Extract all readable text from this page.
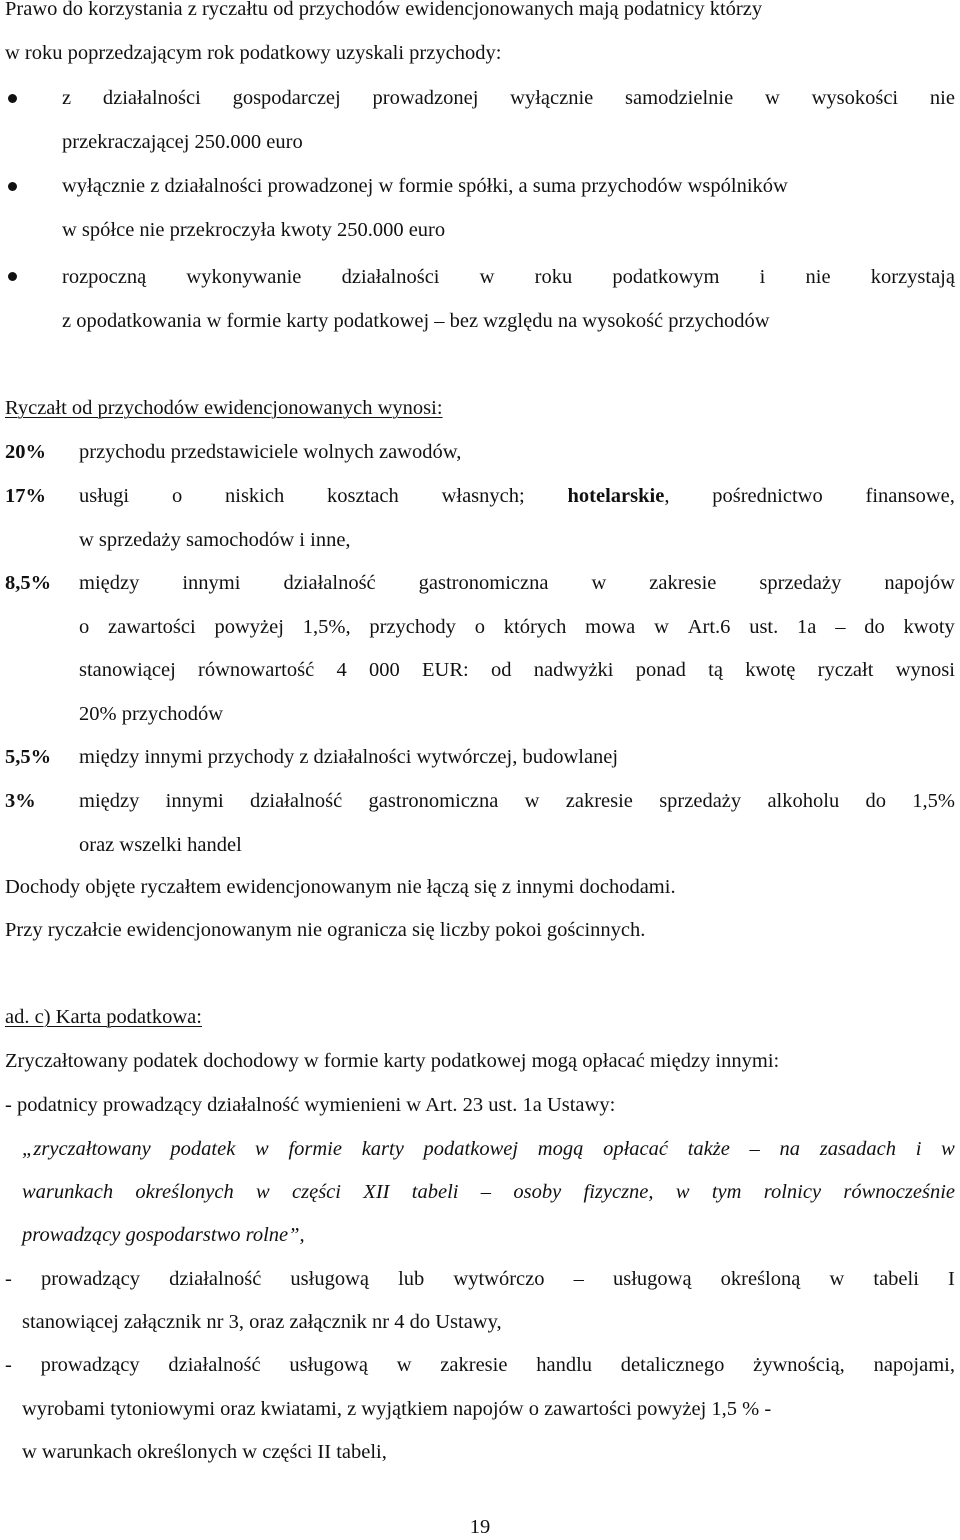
Prawo do korzystania z ryczałtu od przychodów ewidencjonowanych mają podatnicy którzy
w roku poprzedzającym rok podatkowy uzyskali przychody:
z działalności gospodarczej prowadzonej wyłącznie samodzielnie w wysokości nie
przekraczającej 250.000 euro
wyłącznie z działalności prowadzonej w formie spółki, a suma przychodów wspólników
w spółce nie przekroczyła kwoty 250.000 euro
rozpoczną wykonywanie działalności w roku podatkowym i nie korzystają
z opodatkowania w formie karty podatkowej – bez względu na wysokość przychodów
Ryczałt od przychodów ewidencjonowanych wynosi:
20%	przychodu przedstawiciele wolnych zawodów,
17%	usługi o niskich kosztach własnych; hotelarskie, pośrednictwo finansowe,
w sprzedaży samochodów i inne,
8,5%	między innymi działalność gastronomiczna w zakresie sprzedaży napojów
o zawartości powyżej 1,5%, przychody o których mowa w Art.6 ust. 1a – do kwoty
stanowiącej równowartość 4 000 EUR: od nadwyżki ponad tą kwotę ryczałt wynosi
20% przychodów
5,5%	między innymi przychody z działalności wytwórczej, budowlanej
3%	między innymi działalność gastronomiczna w zakresie sprzedaży alkoholu do 1,5%
oraz wszelki handel
Dochody objęte ryczałtem ewidencjonowanym nie łączą się z innymi dochodami.
Przy ryczałcie ewidencjonowanym nie ogranicza się liczby pokoi gościnnych.
ad. c) Karta podatkowa:
Zryczałtowany podatek dochodowy w formie karty podatkowej mogą opłacać między innymi:
- podatnicy prowadzący działalność wymienieni w Art. 23 ust. 1a Ustawy:
„zryczałtowany podatek w formie karty podatkowej mogą opłacać także – na zasadach i w
warunkach określonych w części XII tabeli – osoby fizyczne, w tym rolnicy równocześnie
prowadzący gospodarstwo rolne”,
- prowadzący działalność usługową lub wytwórczo – usługową określoną w tabeli I
stanowiącej załącznik nr 3, oraz załącznik nr 4 do Ustawy,
- prowadzący działalność usługową w zakresie handlu detalicznego żywnością, napojami,
wyrobami tytoniowymi oraz kwiatami, z wyjątkiem napojów o zawartości powyżej 1,5 % -
w warunkach określonych w części II tabeli,
19
